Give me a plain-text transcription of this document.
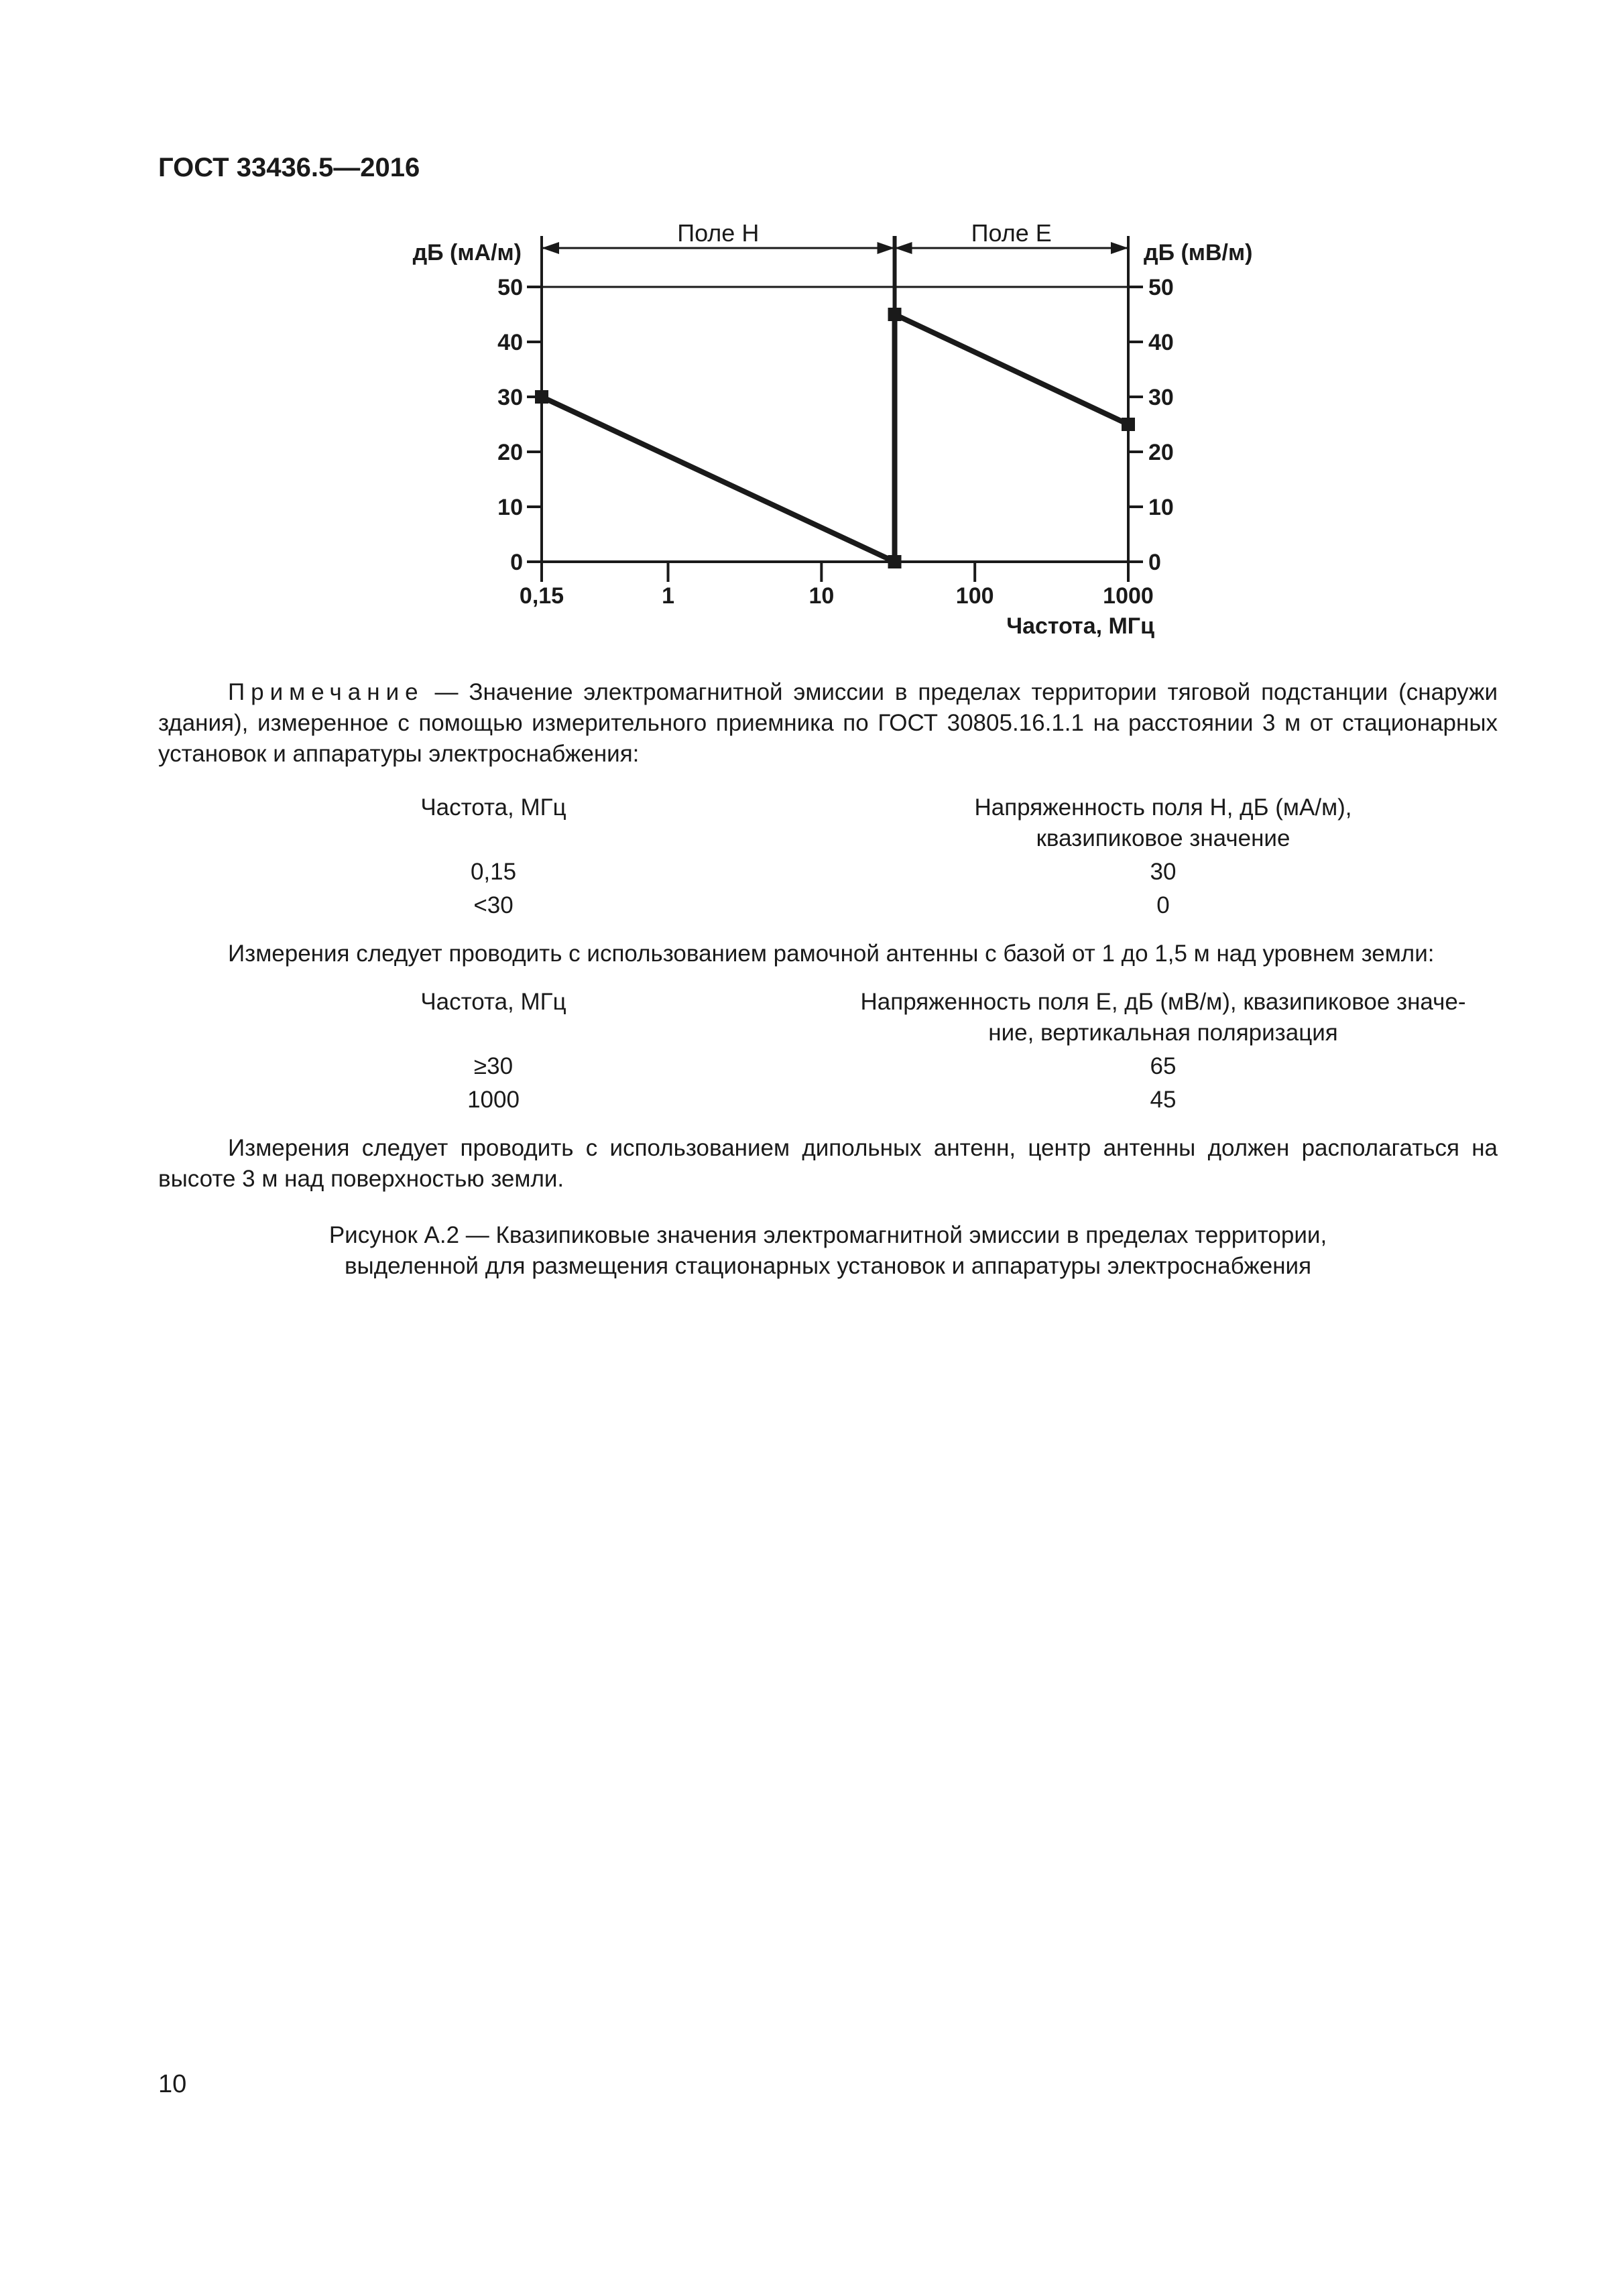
ГОСТ 33436.5—2016
0	0
10	10
20	20
30	30
40	40
50	50
0,15	1	10	100	1000
Поле H	Поле E
дБ (мА/м)	дБ (мВ/м)
Частота, МГц
Примечание — Значение электромагнитной эмиссии в пределах территории тяговой подстанции (снаружи здания), измеренное с помощью измерительного приемника по ГОСТ 30805.16.1.1 на расстоянии 3 м от стационарных установок и аппаратуры электроснабжения:
Частота, МГц	Напряженность поля H, дБ (мА/м),
квазипиковое значение
0,15	30
<30	0
Измерения следует проводить с использованием рамочной антенны с базой от 1 до 1,5 м над уровнем земли:
Частота, МГц	Напряженность поля E, дБ (мВ/м), квазипиковое значе-
ние, вертикальная поляризация
≥30	65
1000	45
Измерения следует проводить с использованием дипольных антенн, центр антенны должен располагаться на высоте 3 м над поверхностью земли.
Рисунок А.2 — Квазипиковые значения электромагнитной эмиссии в пределах территории,
выделенной для размещения стационарных установок и аппаратуры электроснабжения
10
